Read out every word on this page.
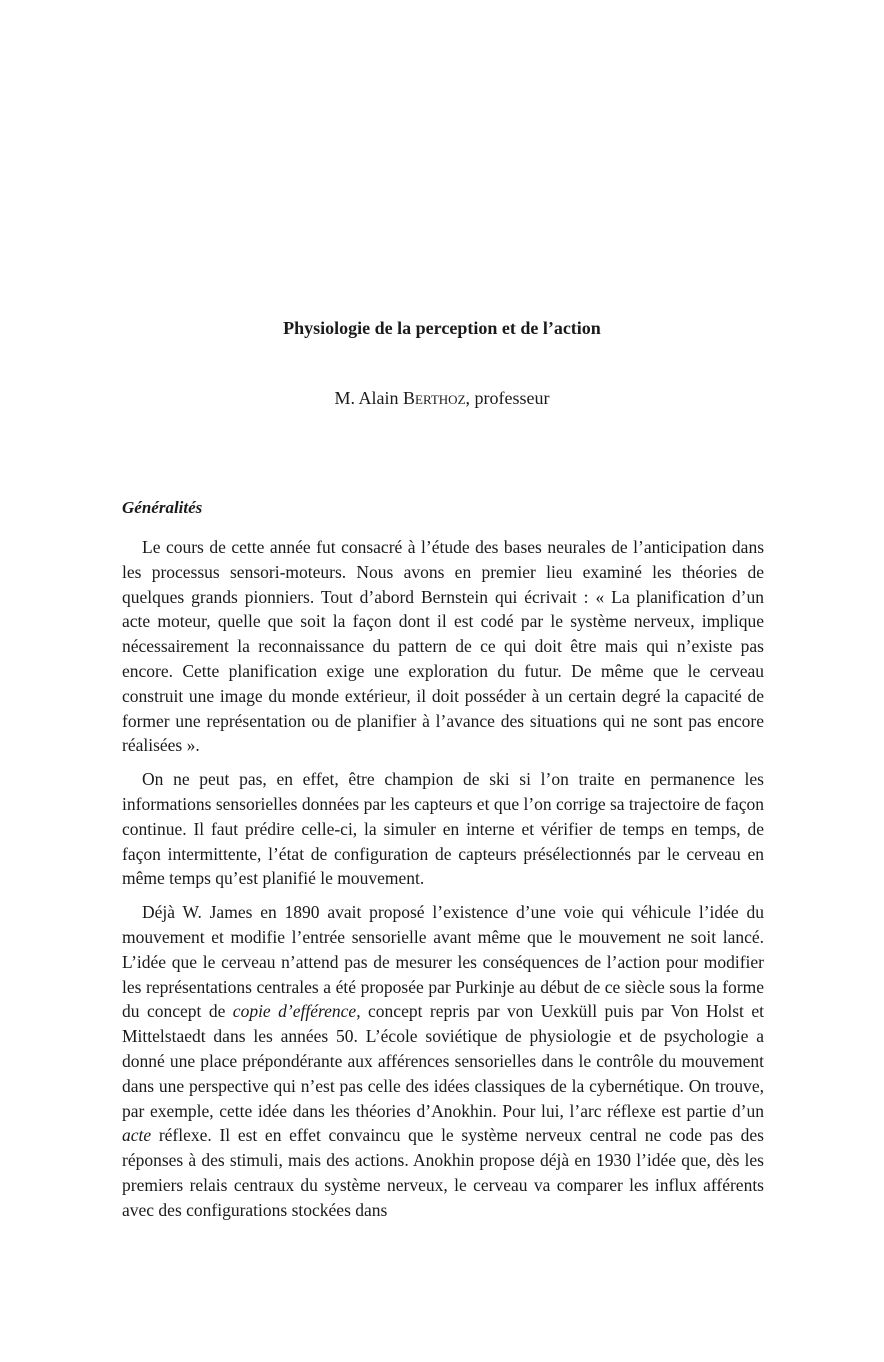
Physiologie de la perception et de l’action

M. Alain Berthoz, professeur

Généralités

Le cours de cette année fut consacré à l’étude des bases neurales de l’anticipation dans les processus sensori-moteurs. Nous avons en premier lieu examiné les théories de quelques grands pionniers. Tout d’abord Bernstein qui écrivait : « La planification d’un acte moteur, quelle que soit la façon dont il est codé par le système nerveux, implique nécessairement la reconnaissance du pattern de ce qui doit être mais qui n’existe pas encore. Cette planification exige une exploration du futur. De même que le cerveau construit une image du monde extérieur, il doit posséder à un certain degré la capacité de former une représentation ou de planifier à l’avance des situations qui ne sont pas encore réalisées ».

On ne peut pas, en effet, être champion de ski si l’on traite en permanence les informations sensorielles données par les capteurs et que l’on corrige sa trajectoire de façon continue. Il faut prédire celle-ci, la simuler en interne et vérifier de temps en temps, de façon intermittente, l’état de configuration de capteurs présélectionnés par le cerveau en même temps qu’est planifié le mouvement.

Déjà W. James en 1890 avait proposé l’existence d’une voie qui véhicule l’idée du mouvement et modifie l’entrée sensorielle avant même que le mouvement ne soit lancé. L’idée que le cerveau n’attend pas de mesurer les conséquences de l’action pour modifier les représentations centrales a été proposée par Purkinje au début de ce siècle sous la forme du concept de copie d’efférence, concept repris par von Uexküll puis par Von Holst et Mittelstaedt dans les années 50. L’école soviétique de physiologie et de psychologie a donné une place prépondérante aux afférences sensorielles dans le contrôle du mouvement dans une perspective qui n’est pas celle des idées classiques de la cybernétique. On trouve, par exemple, cette idée dans les théories d’Anokhin. Pour lui, l’arc réflexe est partie d’un acte réflexe. Il est en effet convaincu que le système nerveux central ne code pas des réponses à des stimuli, mais des actions. Anokhin propose déjà en 1930 l’idée que, dès les premiers relais centraux du système nerveux, le cerveau va comparer les influx afférents avec des configurations stockées dans
